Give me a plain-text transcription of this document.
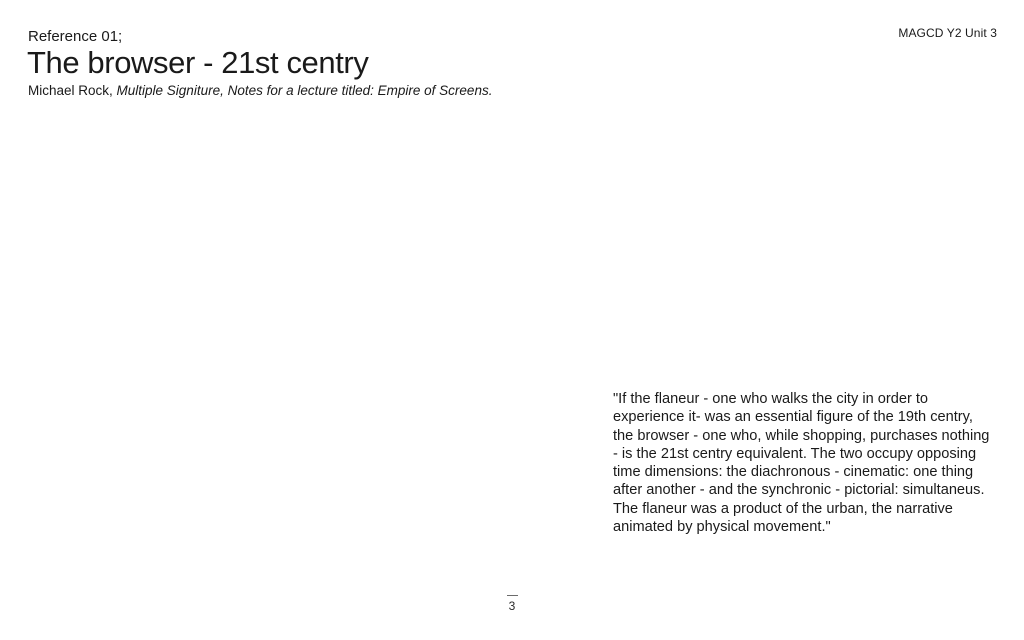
MAGCD Y2 Unit 3
Reference 01;
The browser - 21st centry

Michael Rock, Multiple Signiture, Notes for a lecture titled: Empire of Screens.

"If the flaneur - one who walks the city in order to
experience it- was an essential figure of the 19th centry,
the browser - one who, while shopping, purchases nothing
- is the 21st centry equivalent. The two occupy opposing
time dimensions: the diachronous - cinematic: one thing
after another - and the synchronic - pictorial: simultaneus.
The flaneur was a product of the urban, the narrative
animated by physical movement."
3
